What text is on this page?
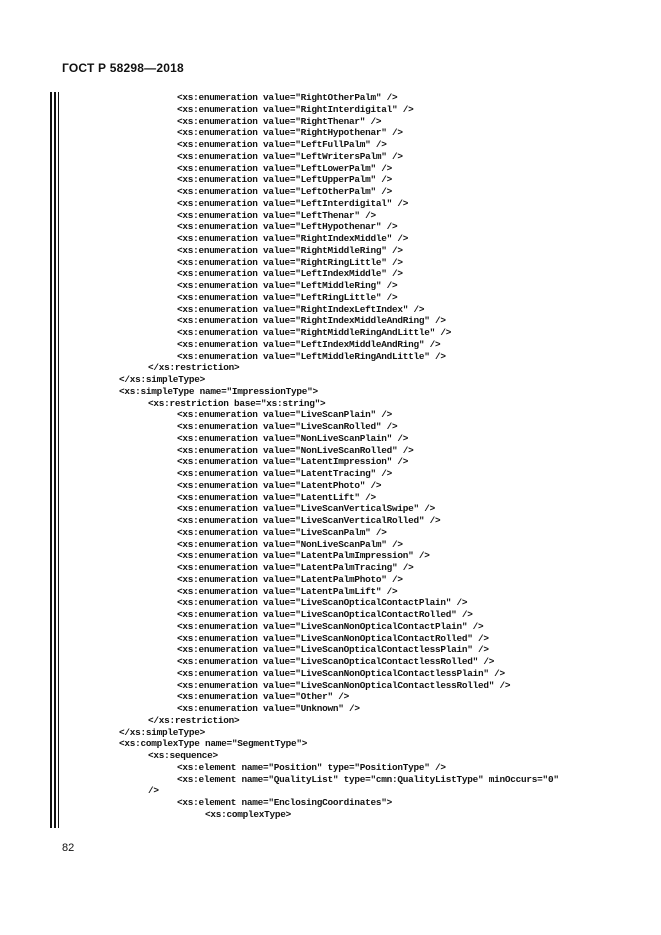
ГОСТ Р 58298—2018
<xs:enumeration value="RightOtherPalm" />
<xs:enumeration value="RightInterdigital" />
<xs:enumeration value="RightThenar" />
<xs:enumeration value="RightHypothenar" />
<xs:enumeration value="LeftFullPalm" />
<xs:enumeration value="LeftWritersPalm" />
<xs:enumeration value="LeftLowerPalm" />
<xs:enumeration value="LeftUpperPalm" />
<xs:enumeration value="LeftOtherPalm" />
<xs:enumeration value="LeftInterdigital" />
<xs:enumeration value="LeftThenar" />
<xs:enumeration value="LeftHypothenar" />
<xs:enumeration value="RightIndexMiddle" />
<xs:enumeration value="RightMiddleRing" />
<xs:enumeration value="RightRingLittle" />
<xs:enumeration value="LeftIndexMiddle" />
<xs:enumeration value="LeftMiddleRing" />
<xs:enumeration value="LeftRingLittle" />
<xs:enumeration value="RightIndexLeftIndex" />
<xs:enumeration value="RightIndexMiddleAndRing" />
<xs:enumeration value="RightMiddleRingAndLittle" />
<xs:enumeration value="LeftIndexMiddleAndRing" />
<xs:enumeration value="LeftMiddleRingAndLittle" />
</xs:restriction>
</xs:simpleType>
<xs:simpleType name="ImpressionType">
<xs:restriction base="xs:string">
<xs:enumeration value="LiveScanPlain" />
<xs:enumeration value="LiveScanRolled" />
<xs:enumeration value="NonLiveScanPlain" />
<xs:enumeration value="NonLiveScanRolled" />
<xs:enumeration value="LatentImpression" />
<xs:enumeration value="LatentTracing" />
<xs:enumeration value="LatentPhoto" />
<xs:enumeration value="LatentLift" />
<xs:enumeration value="LiveScanVerticalSwipe" />
<xs:enumeration value="LiveScanVerticalRolled" />
<xs:enumeration value="LiveScanPalm" />
<xs:enumeration value="NonLiveScanPalm" />
<xs:enumeration value="LatentPalmImpression" />
<xs:enumeration value="LatentPalmTracing" />
<xs:enumeration value="LatentPalmPhoto" />
<xs:enumeration value="LatentPalmLift" />
<xs:enumeration value="LiveScanOpticalContactPlain" />
<xs:enumeration value="LiveScanOpticalContactRolled" />
<xs:enumeration value="LiveScanNonOpticalContactPlain" />
<xs:enumeration value="LiveScanNonOpticalContactRolled" />
<xs:enumeration value="LiveScanOpticalContactlessPlain" />
<xs:enumeration value="LiveScanOpticalContactlessRolled" />
<xs:enumeration value="LiveScanNonOpticalContactlessPlain" />
<xs:enumeration value="LiveScanNonOpticalContactlessRolled" />
<xs:enumeration value="Other" />
<xs:enumeration value="Unknown" />
</xs:restriction>
</xs:simpleType>
<xs:complexType name="SegmentType">
<xs:sequence>
<xs:element name="Position" type="PositionType" />
<xs:element name="QualityList" type="cmn:QualityListType" minOccurs="0"
/>
<xs:element name="EnclosingCoordinates">
<xs:complexType>
82
